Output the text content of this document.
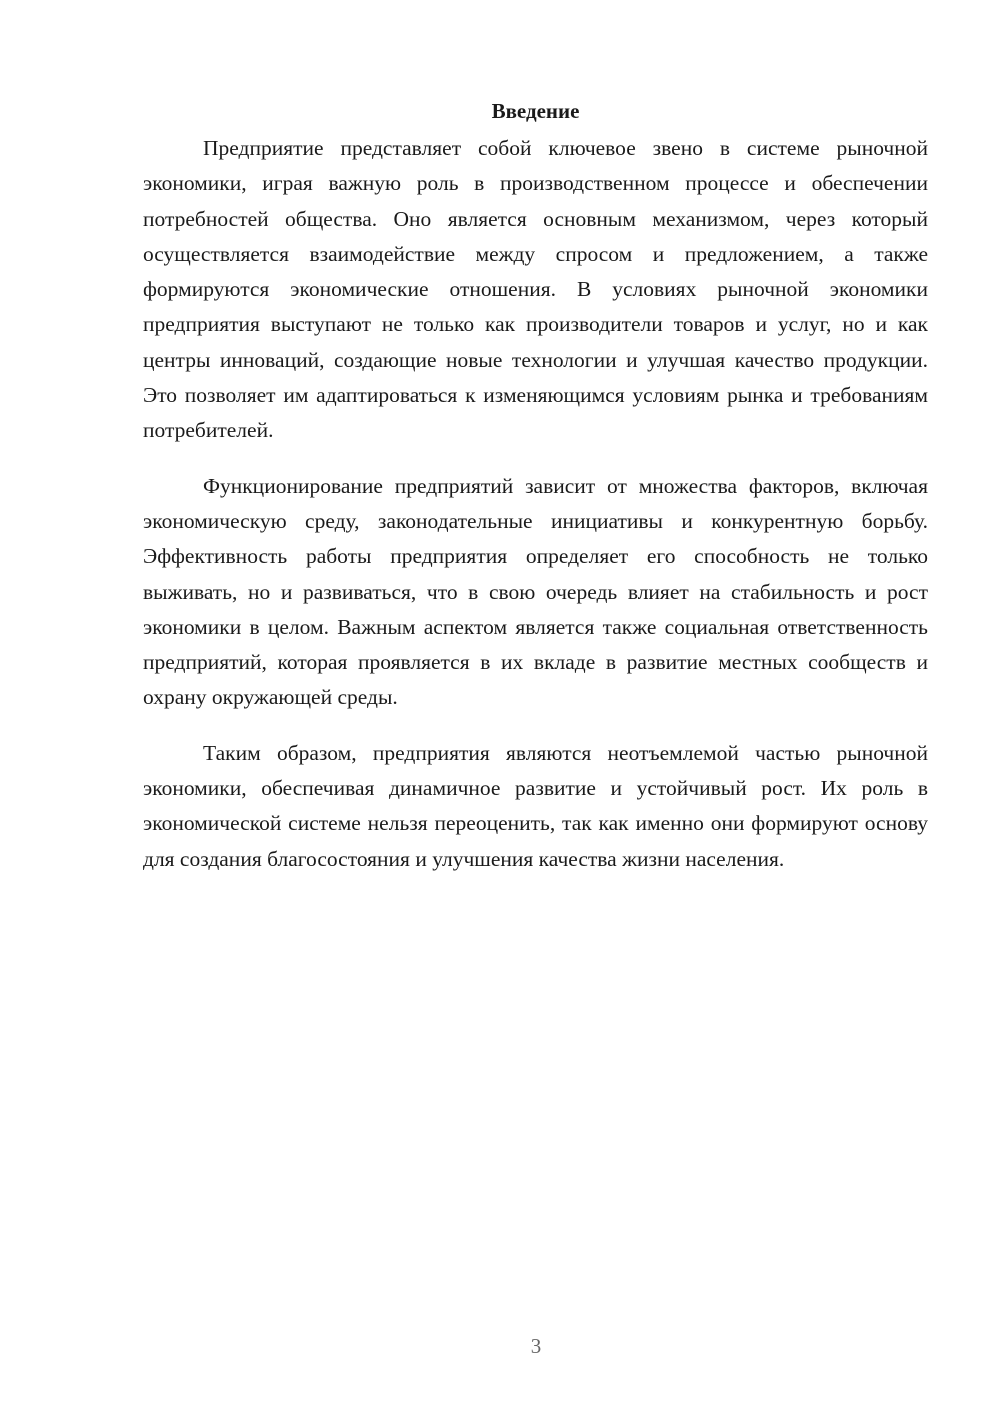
Введение

Предприятие представляет собой ключевое звено в системе рыночной экономики, играя важную роль в производственном процессе и обеспечении потребностей общества. Оно является основным механизмом, через который осуществляется взаимодействие между спросом и предложением, а также формируются экономические отношения. В условиях рыночной экономики предприятия выступают не только как производители товаров и услуг, но и как центры инноваций, создающие новые технологии и улучшая качество продукции. Это позволяет им адаптироваться к изменяющимся условиям рынка и требованиям потребителей.

Функционирование предприятий зависит от множества факторов, включая экономическую среду, законодательные инициативы и конкурентную борьбу. Эффективность работы предприятия определяет его способность не только выживать, но и развиваться, что в свою очередь влияет на стабильность и рост экономики в целом. Важным аспектом является также социальная ответственность предприятий, которая проявляется в их вкладе в развитие местных сообществ и охрану окружающей среды.

Таким образом, предприятия являются неотъемлемой частью рыночной экономики, обеспечивая динамичное развитие и устойчивый рост. Их роль в экономической системе нельзя переоценить, так как именно они формируют основу для создания благосостояния и улучшения качества жизни населения.

3
